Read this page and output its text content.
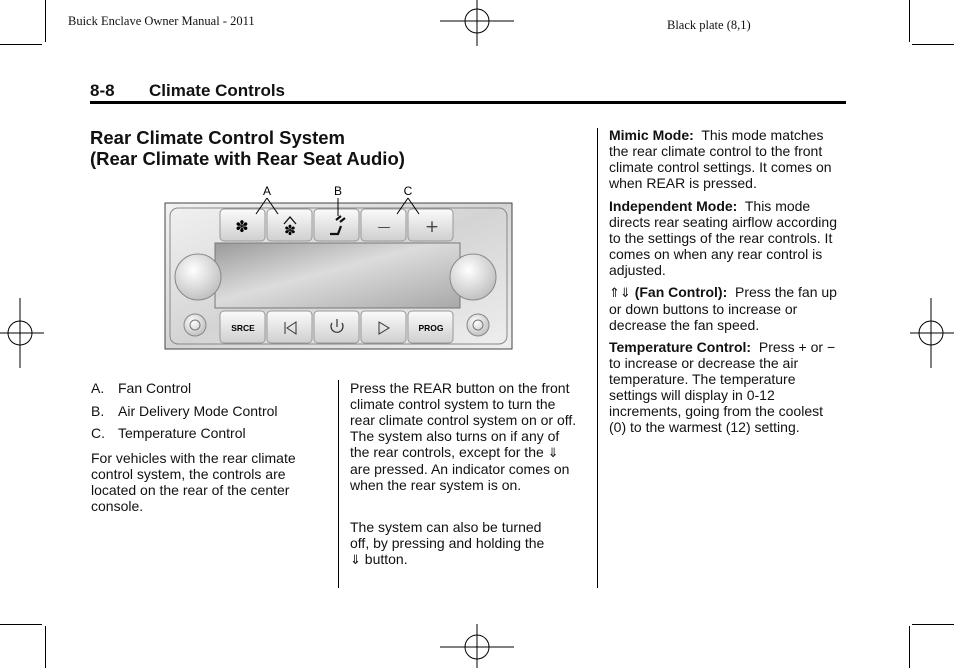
Buick Enclave Owner Manual - 2011	Black plate (8,1)
8-8 Climate Controls
Rear Climate Control System
(Rear Climate with Rear Seat Audio)
✽	✽	— +
A	B	C
SRCE	PROG
A. Fan Control
B. Air Delivery Mode Control
C. Temperature Control
For vehicles with the rear climate control system, the controls are located on the rear of the center console.
Press the REAR button on the front climate control system to turn the rear climate control system on or off. The system also turns on if any of the rear controls, except for the ⇓ are pressed. An indicator comes on when the rear system is on.
The system can also be turned off, by pressing and holding the ⇓ button.
Mimic Mode: This mode matches the rear climate control to the front climate control settings. It comes on when REAR is pressed.
Independent Mode: This mode directs rear seating airflow according to the settings of the rear controls. It comes on when any rear control is adjusted.
⇑⇓ (Fan Control): Press the fan up or down buttons to increase or decrease the fan speed.
Temperature Control: Press + or − to increase or decrease the air temperature. The temperature settings will display in 0-12 increments, going from the coolest (0) to the warmest (12) setting.
